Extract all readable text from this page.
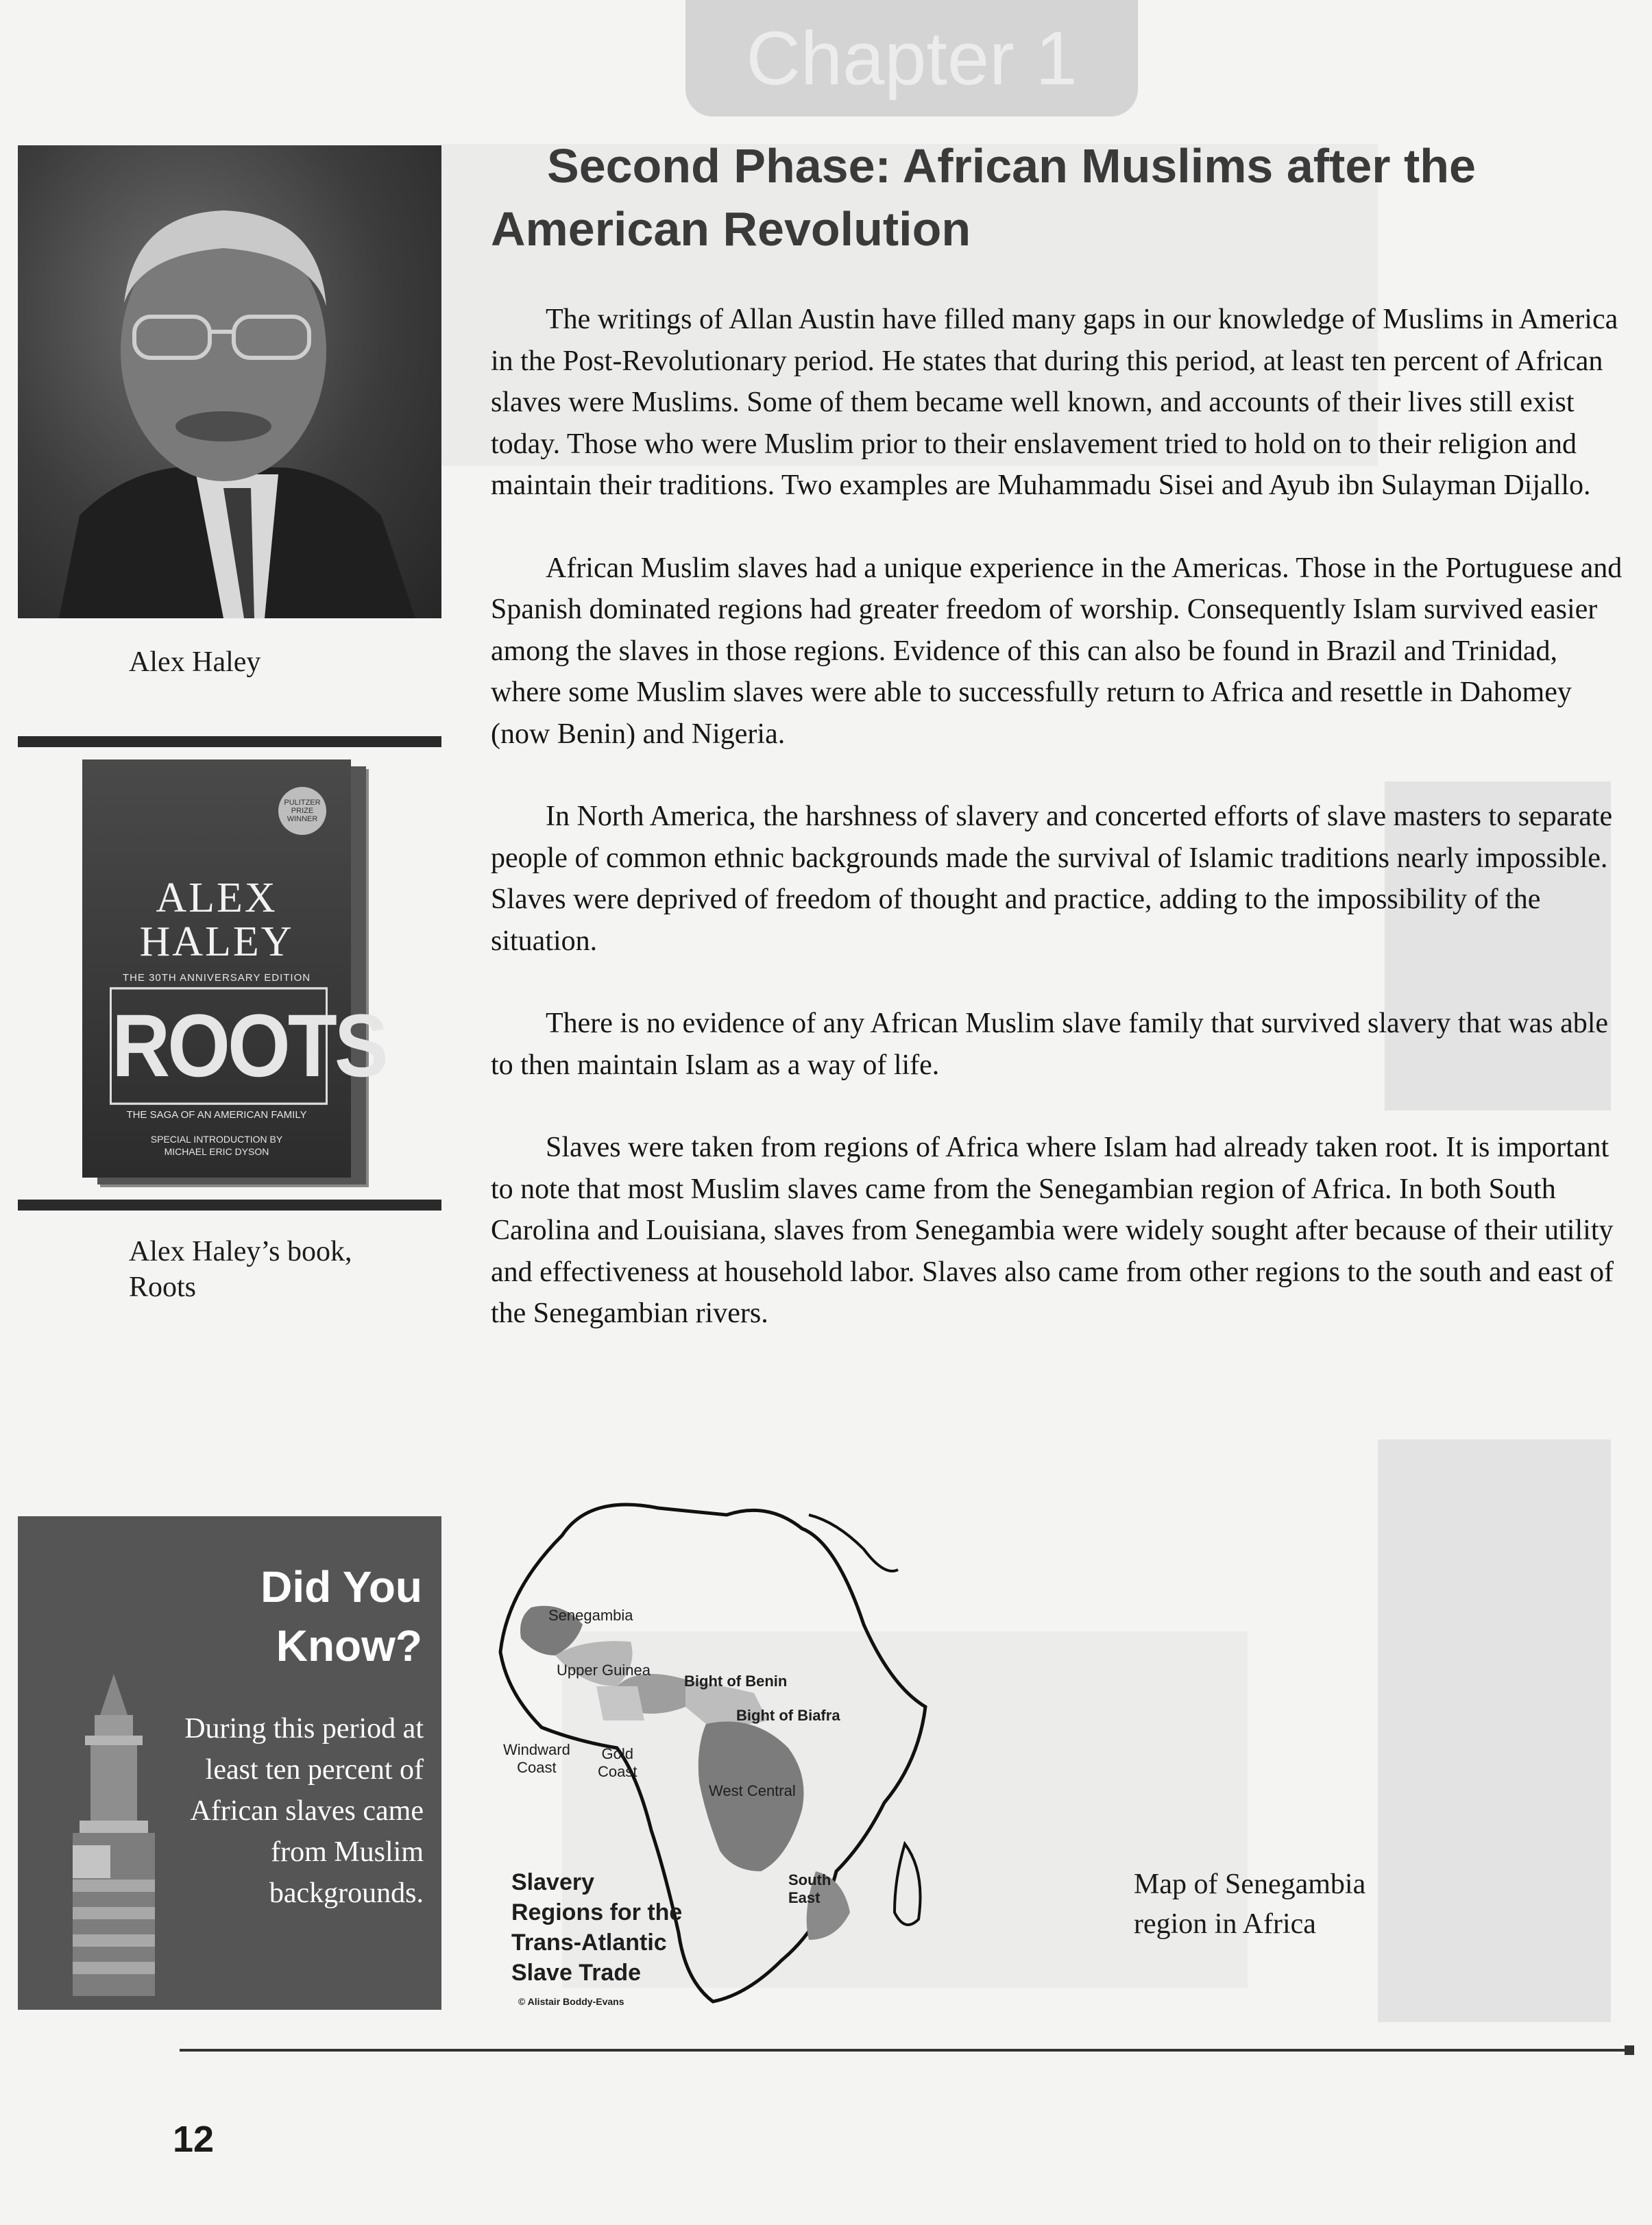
Chapter 1
Alex Haley
PULITZER PRIZE WINNER
ALEX
HALEY
THE 30TH ANNIVERSARY EDITION
ROOTS
THE SAGA OF AN AMERICAN FAMILY
SPECIAL INTRODUCTION BY
MICHAEL ERIC DYSON
Alex Haley’s book,
Roots
Second Phase: African Muslims after the
American Revolution

The writings of Allan Austin have filled many gaps in our knowledge of Muslims in America in the Post-Revolutionary period. He states that during this period, at least ten percent of African slaves were Muslims. Some of them became well known, and accounts of their lives still exist today. Those who were Muslim prior to their enslavement tried to hold on to their religion and maintain their traditions. Two examples are Muhammadu Sisei and Ayub ibn Sulayman Dijallo.

African Muslim slaves had a unique experience in the Americas. Those in the Portuguese and Spanish dominated regions had greater freedom of worship. Consequently Islam survived easier among the slaves in those regions. Evidence of this can also be found in Brazil and Trinidad, where some Muslim slaves were able to successfully return to Africa and resettle in Dahomey (now Benin) and Nigeria.

In North America, the harshness of slavery and concerted efforts of slave masters to separate people of common ethnic backgrounds made the survival of Islamic traditions nearly impossible. Slaves were deprived of freedom of thought and practice, adding to the impossibility of the situation.

There is no evidence of any African Muslim slave family that survived slavery that was able to then maintain Islam as a way of life.

Slaves were taken from regions of Africa where Islam had already taken root. It is important to note that most Muslim slaves came from the Senegambian region of Africa. In both South Carolina and Louisiana, slaves from Senegambia were widely sought after because of their utility and effectiveness at household labor. Slaves also came from other regions to the south and east of the Senegambian rivers.

Did You
Know?
During this period at least ten percent of African slaves came from Muslim backgrounds.
Senegambia
Upper Guinea
Bight of Benin
Bight of Biafra
Windward
Coast
Gold
Coast
West Central
South
East
Slavery
Regions for the
Trans-Atlantic
Slave Trade
© Alistair Boddy-Evans
Map of Senegambia
region in Africa
12
